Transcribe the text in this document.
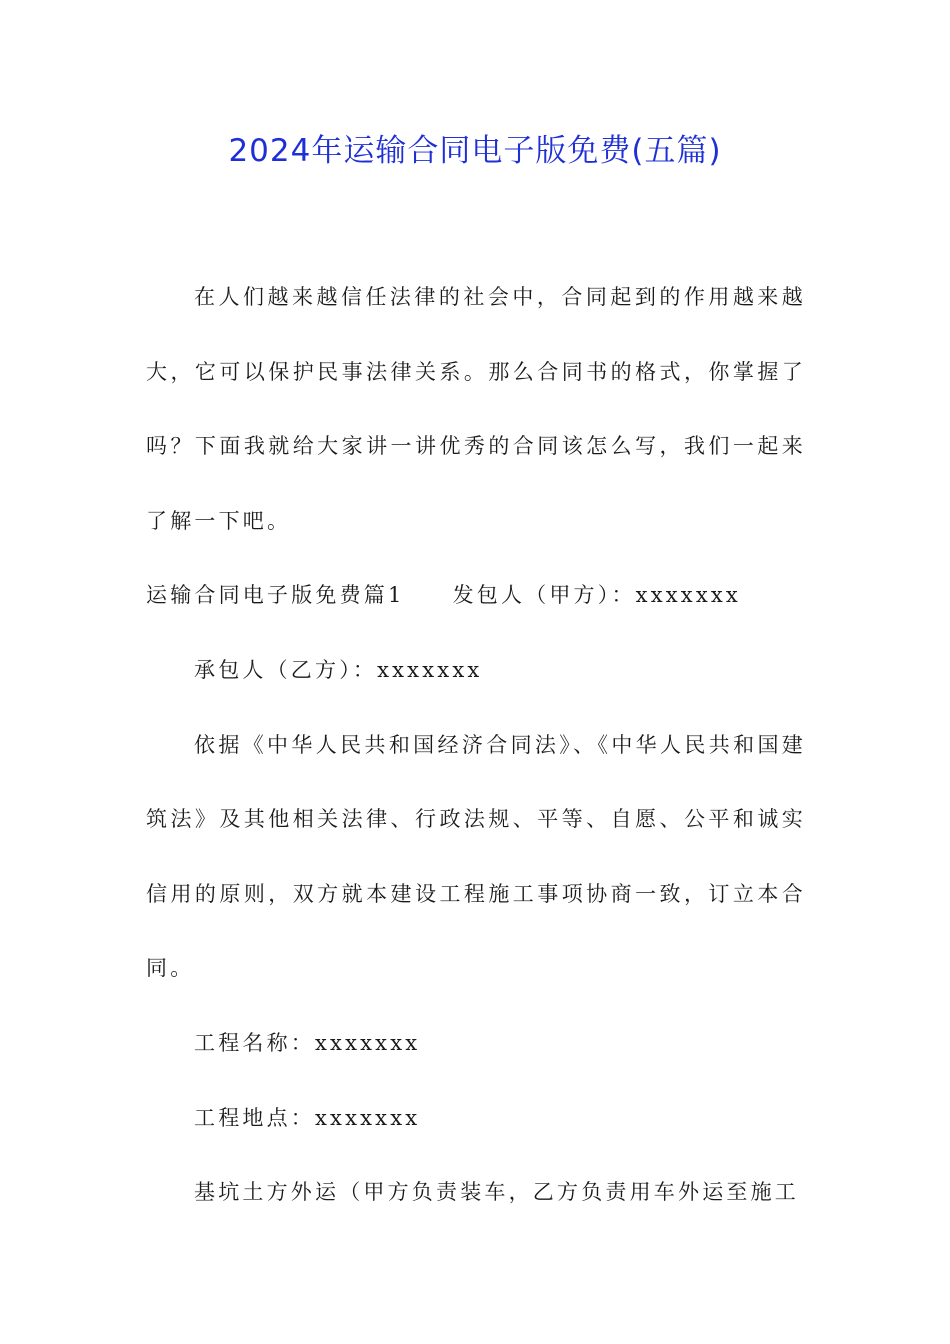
2024年运输合同电子版免费(五篇)

在人们越来越信任法律的社会中，合同起到的作用越来越大，它可以保护民事法律关系。那么合同书的格式，你掌握了吗？下面我就给大家讲一讲优秀的合同该怎么写，我们一起来了解一下吧。

运输合同电子版免费篇1 发包人（甲方）：xxxxxxx

承包人（乙方）：xxxxxxx

依据《中华人民共和国经济合同法》、《中华人民共和国建筑法》及其他相关法律、行政法规、平等、自愿、公平和诚实信用的原则，双方就本建设工程施工事项协商一致，订立本合同。

工程名称：xxxxxxx

工程地点：xxxxxxx

基坑土方外运（甲方负责装车，乙方负责用车外运至施工
